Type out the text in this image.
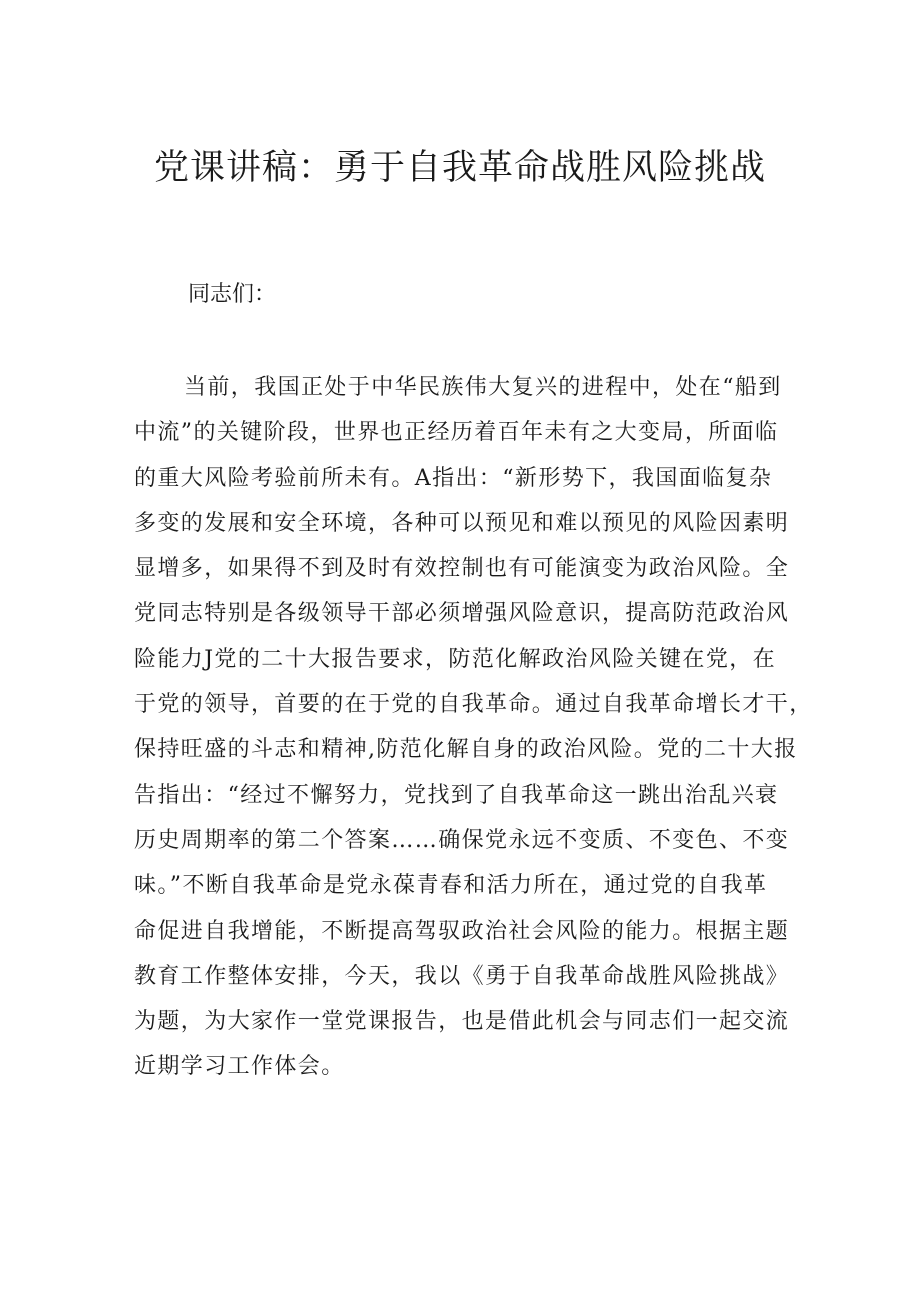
党课讲稿：勇于自我革命战胜风险挑战

同志们：

当前，我国正处于中华民族伟大复兴的进程中，处在“船到
中流”的关键阶段，世界也正经历着百年未有之大变局，所面临
的重大风险考验前所未有。A指出：“新形势下，我国面临复杂
多变的发展和安全环境，各种可以预见和难以预见的风险因素明
显增多，如果得不到及时有效控制也有可能演变为政治风险。全
党同志特别是各级领导干部必须增强风险意识，提高防范政治风
险能力J党的二十大报告要求，防范化解政治风险关键在党，在
于党的领导，首要的在于党的自我革命。通过自我革命增长才干，
保持旺盛的斗志和精神,防范化解自身的政治风险。党的二十大报
告指出：“经过不懈努力，党找到了自我革命这一跳出治乱兴衰
历史周期率的第二个答案……确保党永远不变质、不变色、不变
味。”不断自我革命是党永葆青春和活力所在，通过党的自我革
命促进自我增能，不断提高驾驭政治社会风险的能力。根据主题
教育工作整体安排，今天，我以《勇于自我革命战胜风险挑战》
为题，为大家作一堂党课报告，也是借此机会与同志们一起交流
近期学习工作体会。
